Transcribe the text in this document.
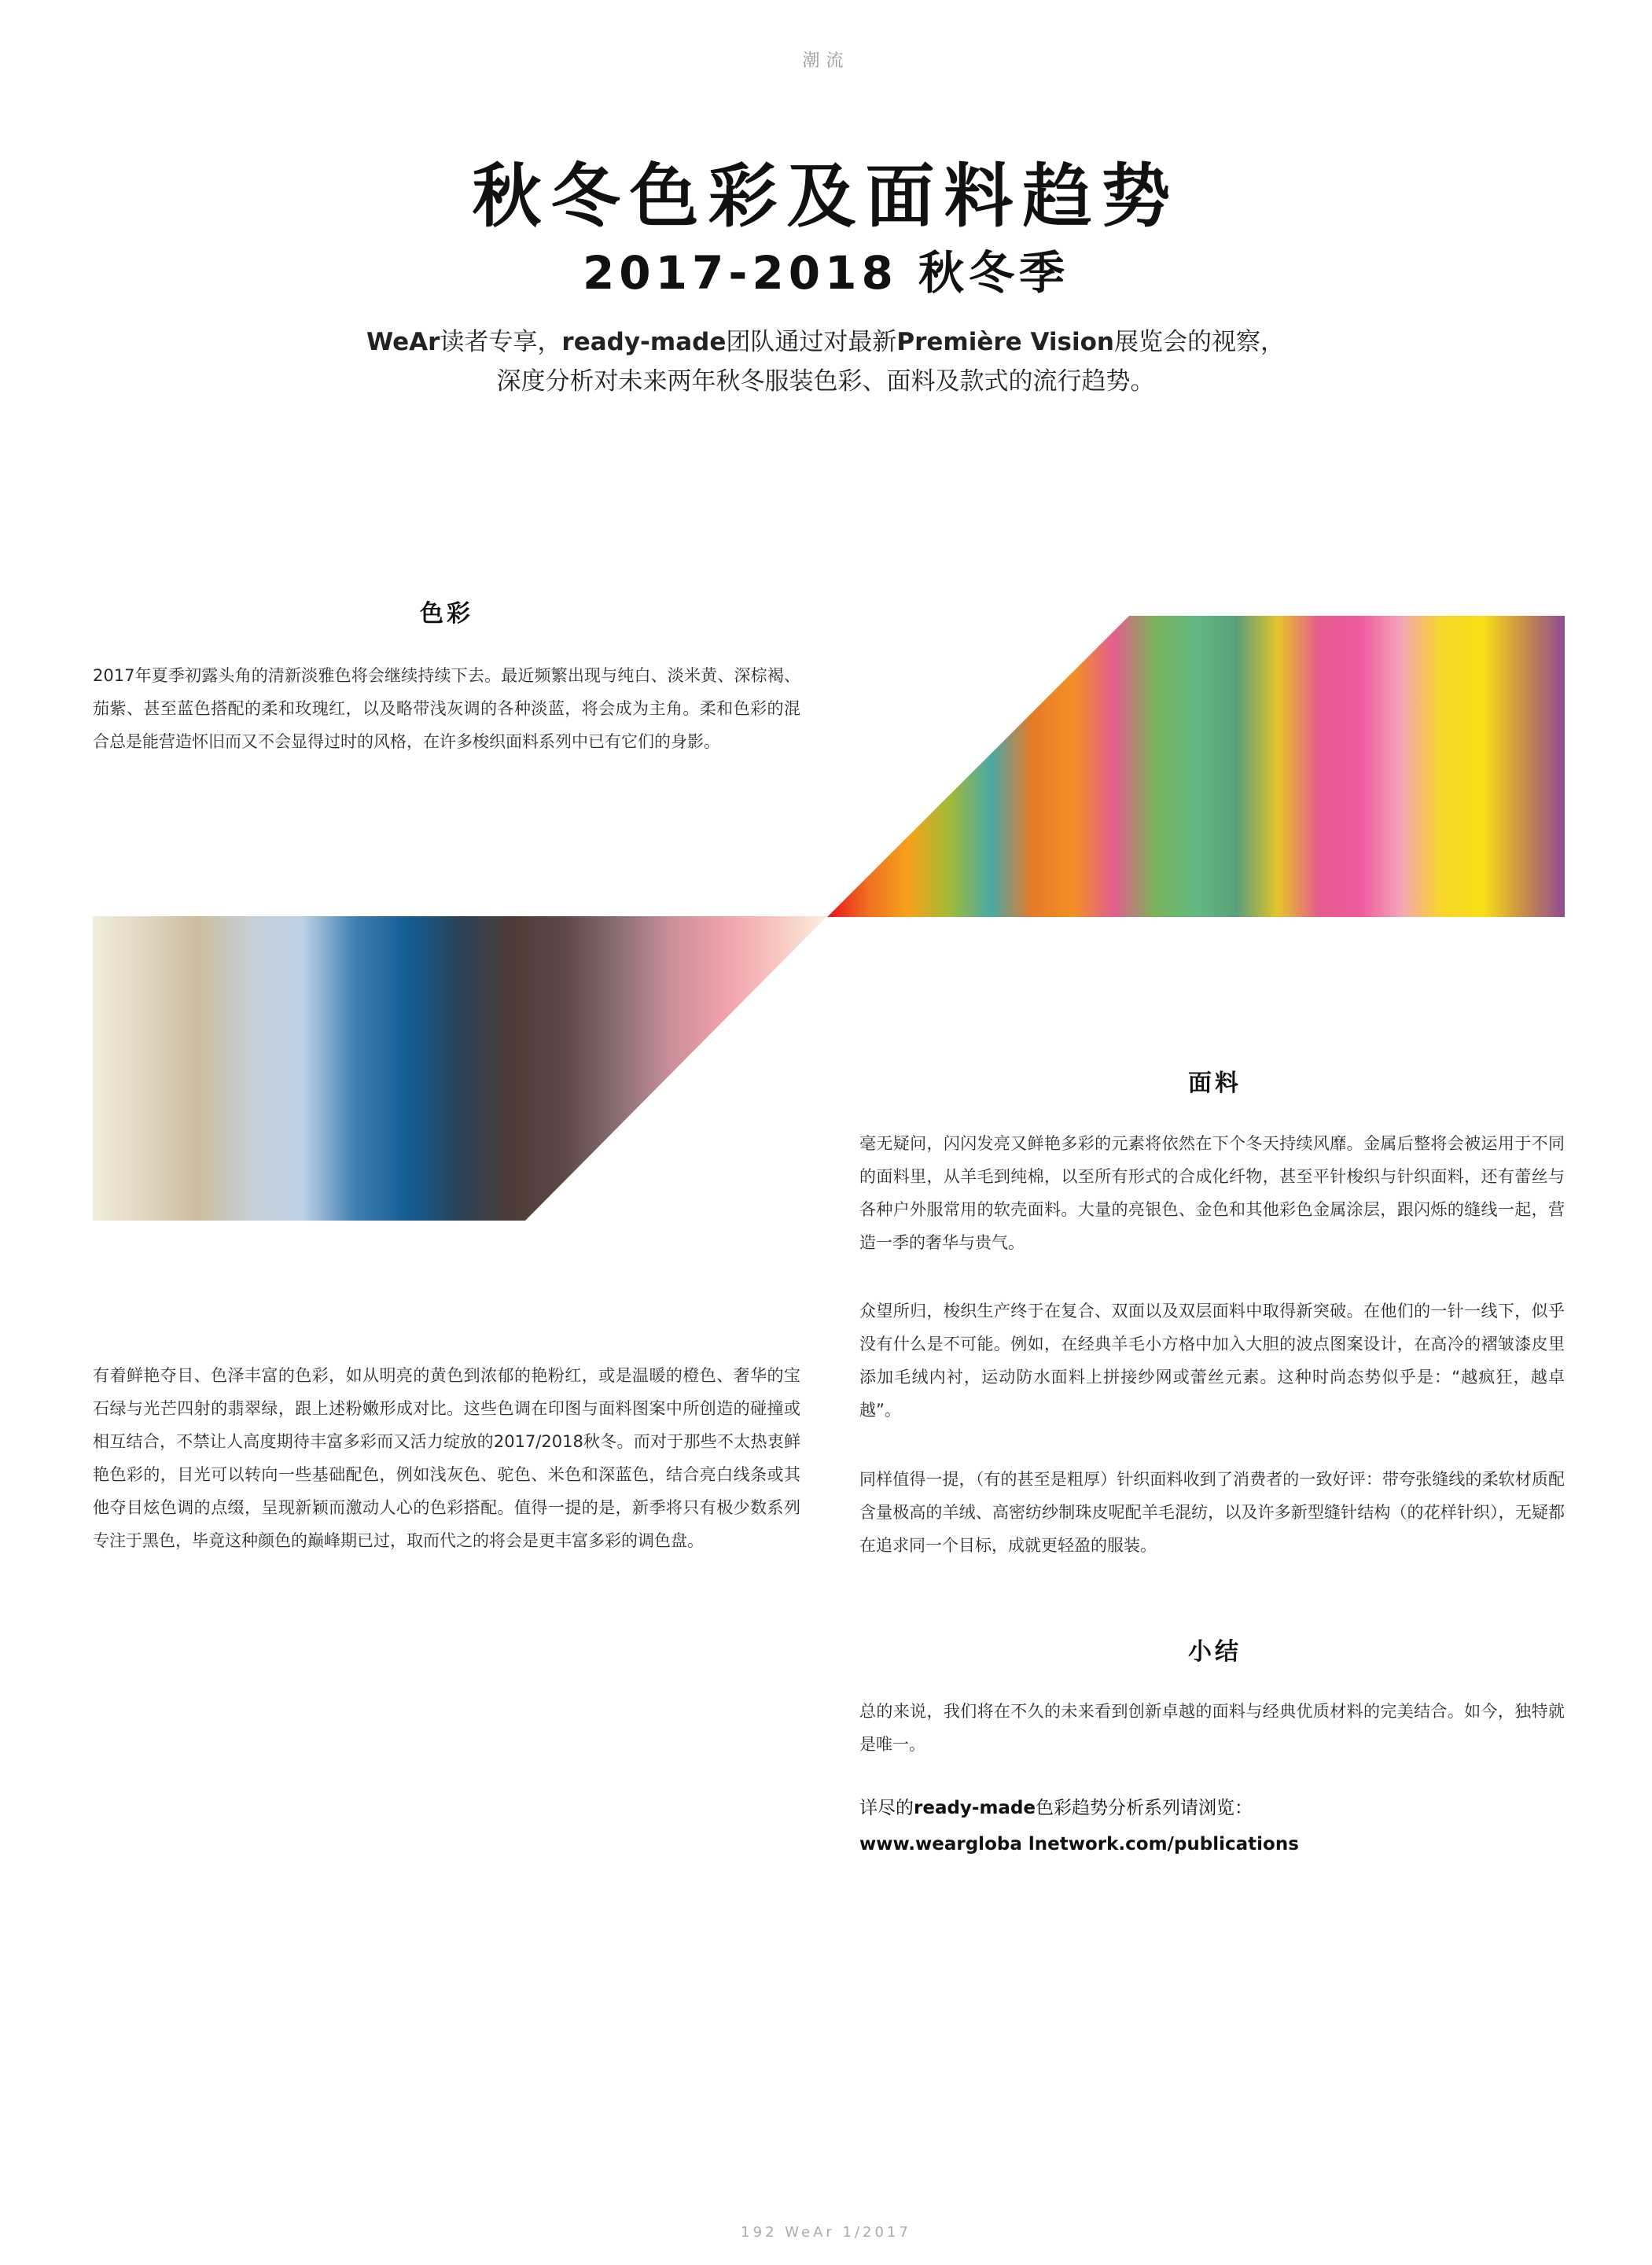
潮流
秋冬色彩及面料趋势
2017-2018 秋冬季
WeAr读者专享，ready-made团队通过对最新Première Vision展览会的视察，
深度分析对未来两年秋冬服装色彩、面料及款式的流行趋势。
色彩
2017年夏季初露头角的清新淡雅色将会继续持续下去。最近频繁出现与纯白、淡米黄、深棕褐、茄紫、甚至蓝色搭配的柔和玫瑰红，以及略带浅灰调的各种淡蓝，将会成为主角。柔和色彩的混合总是能营造怀旧而又不会显得过时的风格，在许多梭织面料系列中已有它们的身影。
有着鲜艳夺目、色泽丰富的色彩，如从明亮的黄色到浓郁的艳粉红，或是温暖的橙色、奢华的宝石绿与光芒四射的翡翠绿，跟上述粉嫩形成对比。这些色调在印图与面料图案中所创造的碰撞或相互结合，不禁让人高度期待丰富多彩而又活力绽放的2017/2018秋冬。而对于那些不太热衷鲜艳色彩的，目光可以转向一些基础配色，例如浅灰色、驼色、米色和深蓝色，结合亮白线条或其他夺目炫色调的点缀，呈现新颖而激动人心的色彩搭配。值得一提的是，新季将只有极少数系列专注于黑色，毕竟这种颜色的巅峰期已过，取而代之的将会是更丰富多彩的调色盘。
面料
毫无疑问，闪闪发亮又鲜艳多彩的元素将依然在下个冬天持续风靡。金属后整将会被运用于不同的面料里，从羊毛到纯棉，以至所有形式的合成化纤物，甚至平针梭织与针织面料，还有蕾丝与各种户外服常用的软壳面料。大量的亮银色、金色和其他彩色金属涂层，跟闪烁的缝线一起，营造一季的奢华与贵气。
众望所归，梭织生产终于在复合、双面以及双层面料中取得新突破。在他们的一针一线下，似乎没有什么是不可能。例如，在经典羊毛小方格中加入大胆的波点图案设计，在高冷的褶皱漆皮里添加毛绒内衬，运动防水面料上拼接纱网或蕾丝元素。这种时尚态势似乎是：“越疯狂，越卓越”。
同样值得一提，（有的甚至是粗厚）针织面料收到了消费者的一致好评：带夸张缝线的柔软材质配含量极高的羊绒、高密纺纱制珠皮呢配羊毛混纺，以及许多新型缝针结构（的花样针织），无疑都在追求同一个目标，成就更轻盈的服装。
小结
总的来说，我们将在不久的未来看到创新卓越的面料与经典优质材料的完美结合。如今，独特就是唯一。
详尽的ready-made色彩趋势分析系列请浏览：
www.weargloba lnetwork.com/publications
192 WeAr 1/2017
